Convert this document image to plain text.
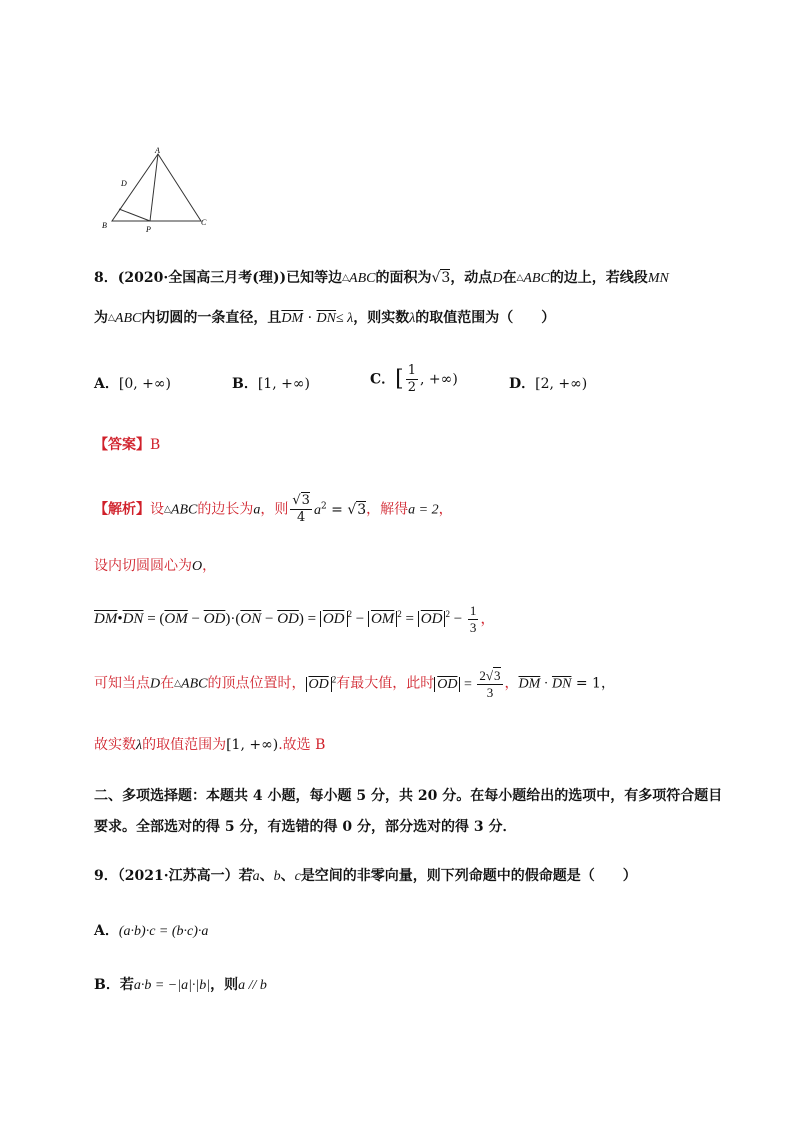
A
D
B	P
C
8．(2020·全国高三月考(理))已知等边△ABC的面积为√3，动点D在△ABC的边上，若线段MN
为△ABC内切圆的一条直径，且$\overline{DM} \cdot \overline{DN}\le \lambda$，则实数λ的取值范围为（　　）
A．[0, +∞)	B．[1, +∞)	C．[ $\frac{1}{2}$ , +∞)	D．[2, +∞)
【答案】B
【解析】设△ABC的边长为a，则 $\frac{√3}{4} a^2 = √3$，解得a = 2，
设内切圆圆心为O，
$\overline{DM}•\overline{DN} = (\overline{OM} - \overline{OD})\cdot(\overline{ON} - \overline{OD}) = \overline{OD}$ $^2 - \overline{OM}$ $^2 = \overline{OD}$ $^2 - \frac{1}{3}$ ，
可知当点D在△ABC的顶点位置时， $\overline{OD}$ $^2$有最大值，此时 $\overline{OD} = \frac{2√3}{3}$ ，$\overline{DM} \cdot \overline{DN} = 1$，
故实数λ的取值范围为[1, +∞).故选 B
二、多项选择题：本题共 4 小题，每小题 5 分，共 20 分。在每小题给出的选项中，有多项符合题目
要求。全部选对的得 5 分，有选错的得 0 分，部分选对的得 3 分．
9．（2021·江苏高一）若a、b、c是空间的非零向量，则下列命题中的假命题是（　　）
A．(a·b)·c = (b·c)·a
B．若a·b = −|a|·|b|，则a // b
